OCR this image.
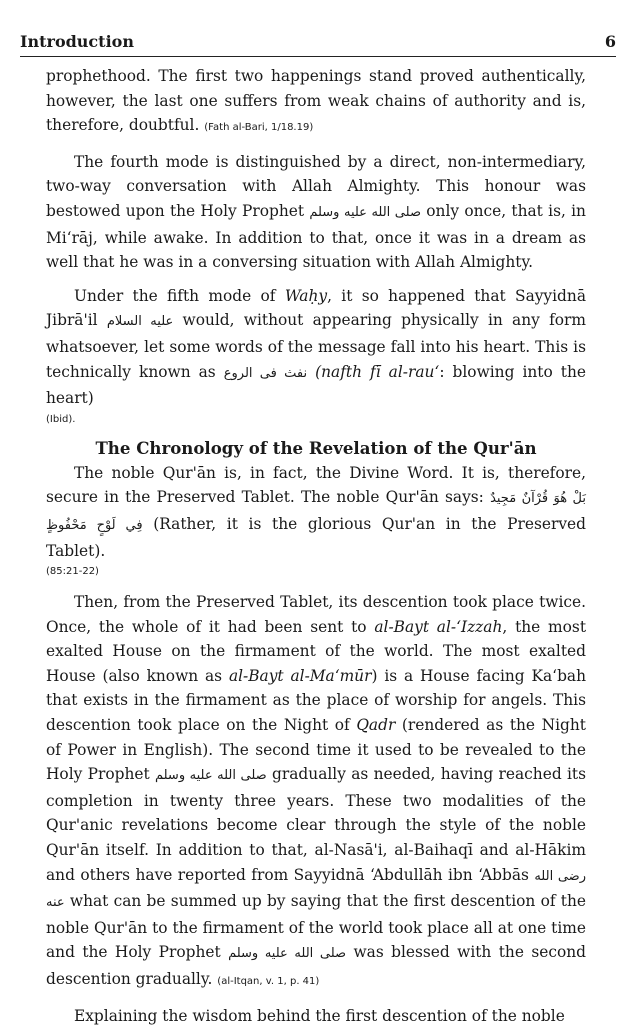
Introduction	6

prophethood. The first two happenings stand proved authentically, however, the last one suffers from weak chains of authority and is, therefore, doubtful. (Fath al-Bari, 1/18.19)

The fourth mode is distinguished by a direct, non-intermediary, two-way conversation with Allah Almighty. This honour was bestowed upon the Holy Prophet صلى الله عليه وسلم only once, that is, in Mi‘rāj, while awake. In addition to that, once it was in a dream as well that he was in a conversing situation with Allah Almighty.

Under the fifth mode of Waḥy, it so happened that Sayyidnā Jibrā'il عليه السلام would, without appearing physically in any form whatsoever, let some words of the message fall into his heart. This is technically known as نفث فى الروع (nafth fī al-rau‘: blowing into the heart)

(Ibid).

The Chronology of the Revelation of the Qur'ān

The noble Qur'ān is, in fact, the Divine Word. It is, therefore, secure in the Preserved Tablet. The noble Qur'ān says: بَلْ هُوَ قُرْآنٌ مَجِيدٌ فِي لَوْحٍ مَحْفُوظٍ (Rather, it is the glorious Qur'an in the Preserved Tablet).

(85:21-22)

Then, from the Preserved Tablet, its descention took place twice. Once, the whole of it had been sent to al-Bayt al-‘Izzah, the most exalted House on the firmament of the world. The most exalted House (also known as al-Bayt al-Ma‘mūr) is a House facing Ka‘bah that exists in the firmament as the place of worship for angels. This descention took place on the Night of Qadr (rendered as the Night of Power in English). The second time it used to be revealed to the Holy Prophet صلى الله عليه وسلم gradually as needed, having reached its completion in twenty three years. These two modalities of the Qur'anic revelations become clear through the style of the noble Qur'ān itself. In addition to that, al-Nasā'i, al-Baihaqī and al-Hākim and others have reported from Sayyidnā ‘Abdullāh ibn ‘Abbās رضى الله عنه what can be summed up by saying that the first descention of the noble Qur'ān to the firmament of the world took place all at one time and the Holy Prophet صلى الله عليه وسلم was blessed with the second descention gradually. (al-Itqan, v. 1, p. 41)

Explaining the wisdom behind the first descention of the noble
